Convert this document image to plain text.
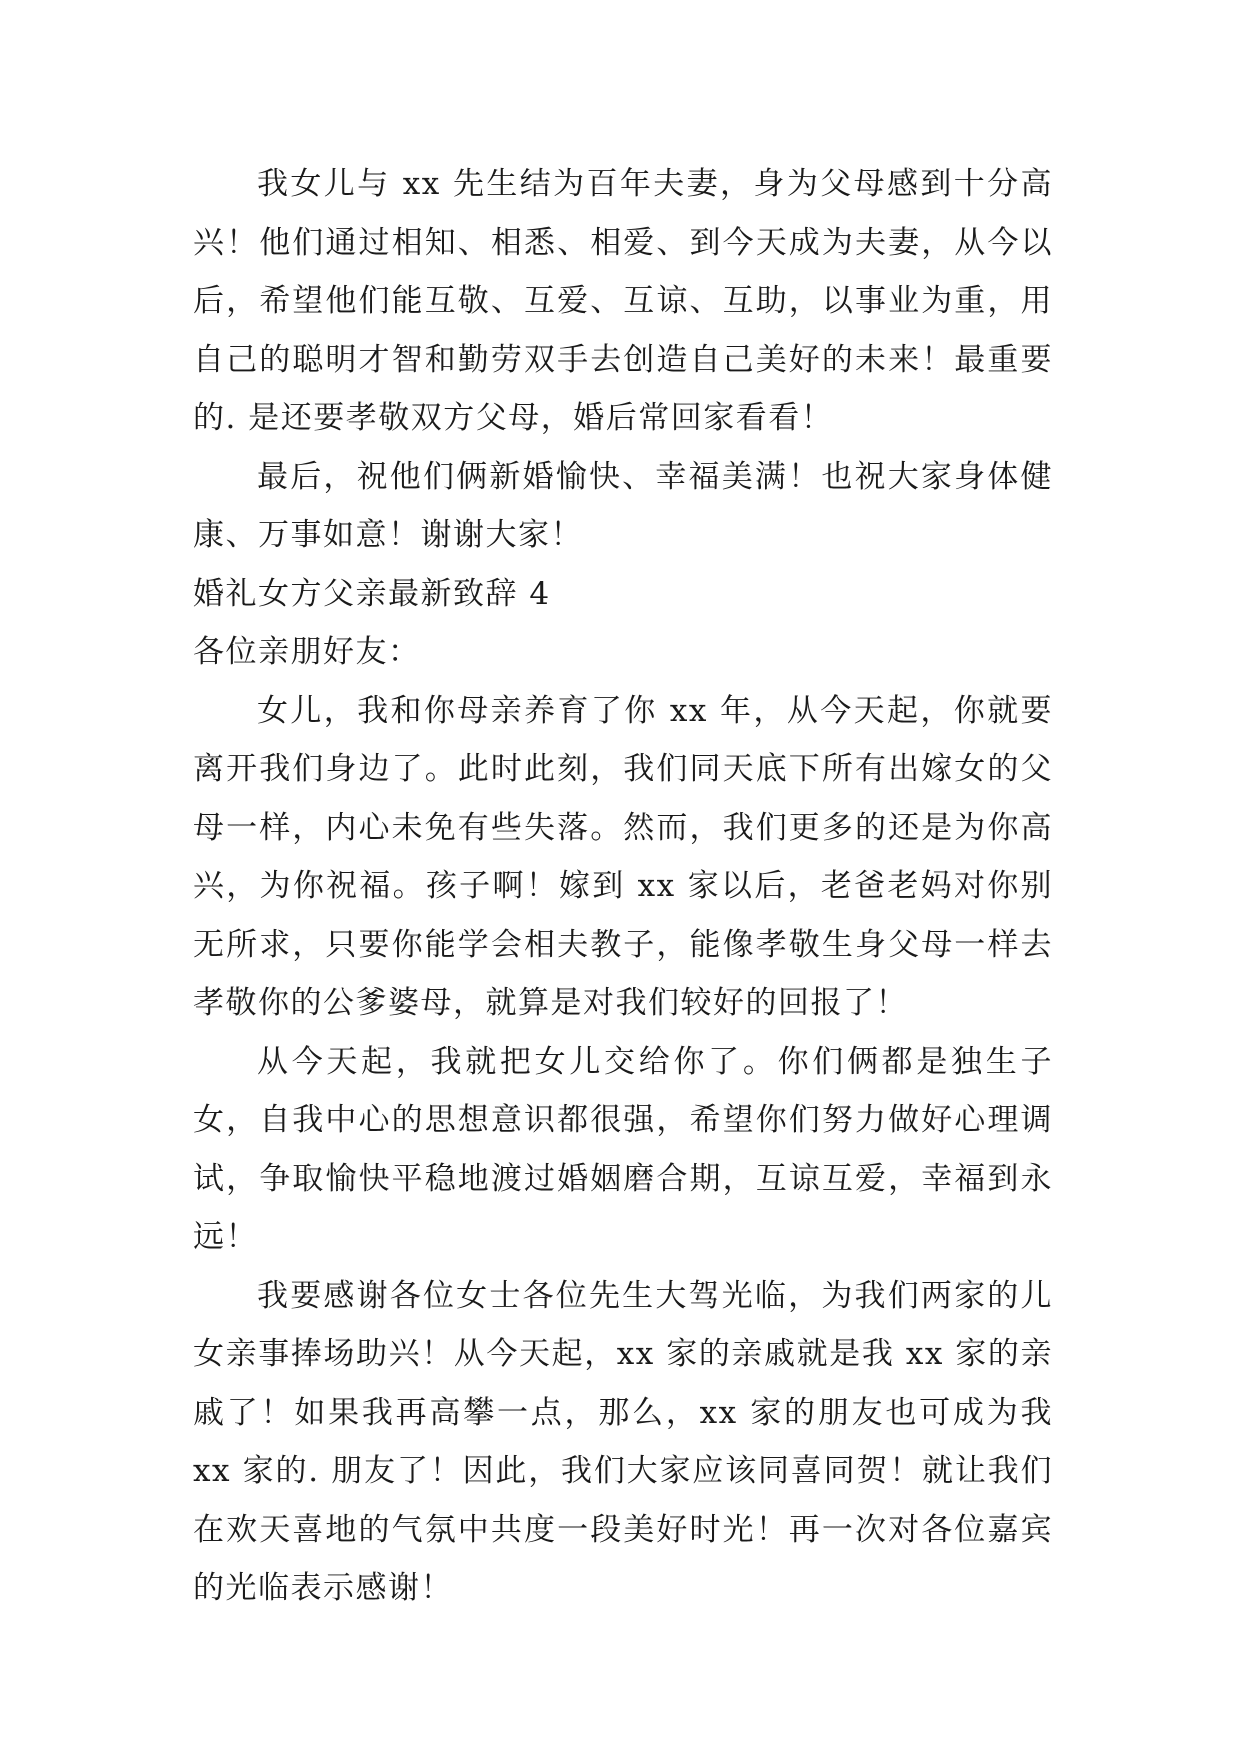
我女儿与 xx 先生结为百年夫妻，身为父母感到十分高兴！他们通过相知、相悉、相爱、到今天成为夫妻，从今以后，希望他们能互敬、互爱、互谅、互助，以事业为重，用自己的聪明才智和勤劳双手去创造自己美好的未来！最重要的. 是还要孝敬双方父母，婚后常回家看看！

最后，祝他们俩新婚愉快、幸福美满！也祝大家身体健康、万事如意！谢谢大家！

婚礼女方父亲最新致辞 4

各位亲朋好友：

女儿，我和你母亲养育了你 xx 年，从今天起，你就要离开我们身边了。此时此刻，我们同天底下所有出嫁女的父母一样，内心未免有些失落。然而，我们更多的还是为你高兴，为你祝福。孩子啊！嫁到 xx 家以后，老爸老妈对你别无所求，只要你能学会相夫教子，能像孝敬生身父母一样去孝敬你的公爹婆母，就算是对我们较好的回报了！

从今天起，我就把女儿交给你了。你们俩都是独生子女，自我中心的思想意识都很强，希望你们努力做好心理调试，争取愉快平稳地渡过婚姻磨合期，互谅互爱，幸福到永远！

我要感谢各位女士各位先生大驾光临，为我们两家的儿女亲事捧场助兴！从今天起，xx 家的亲戚就是我 xx 家的亲戚了！如果我再高攀一点，那么，xx 家的朋友也可成为我 xx 家的. 朋友了！因此，我们大家应该同喜同贺！就让我们在欢天喜地的气氛中共度一段美好时光！再一次对各位嘉宾的光临表示感谢！
